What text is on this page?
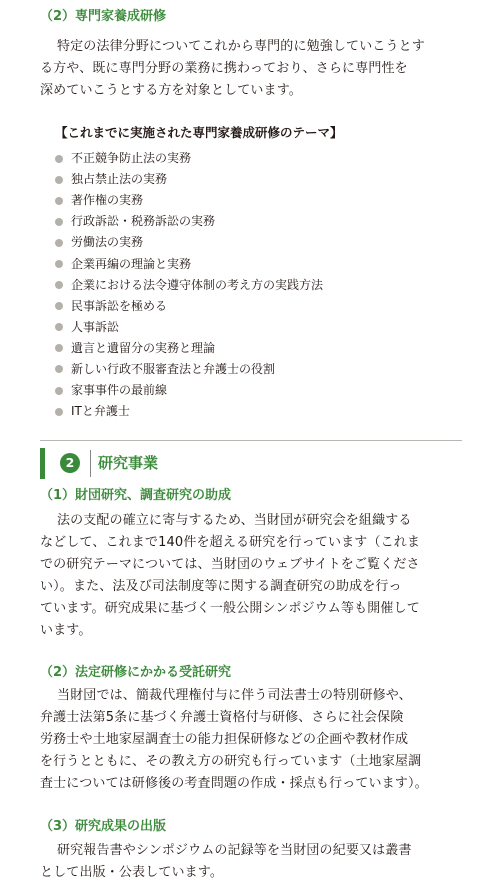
（2）専門家養成研修
特定の法律分野についてこれから専門的に勉強していこうとす
る方や、既に専門分野の業務に携わっており、さらに専門性を
深めていこうとする方を対象としています。
【これまでに実施された専門家養成研修のテーマ】
不正競争防止法の実務
独占禁止法の実務
著作権の実務
行政訴訟・税務訴訟の実務
労働法の実務
企業再編の理論と実務
企業における法令遵守体制の考え方の実践方法
民事訴訟を極める
人事訴訟
遺言と遺留分の実務と理論
新しい行政不服審査法と弁護士の役割
家事事件の最前線
ITと弁護士
2	研究事業
（1）財団研究、調査研究の助成
法の支配の確立に寄与するため、当財団が研究会を組織する
などして、これまで140件を超える研究を行っています（これま
での研究テーマについては、当財団のウェブサイトをご覧くださ
い）。また、法及び司法制度等に関する調査研究の助成を行っ
ています。研究成果に基づく一般公開シンポジウム等も開催して
います。
（2）法定研修にかかる受託研究
当財団では、簡裁代理権付与に伴う司法書士の特別研修や、
弁護士法第5条に基づく弁護士資格付与研修、さらに社会保険
労務士や土地家屋調査士の能力担保研修などの企画や教材作成
を行うとともに、その教え方の研究も行っています（土地家屋調
査士については研修後の考査問題の作成・採点も行っています）。
（3）研究成果の出版
研究報告書やシンポジウムの記録等を当財団の紀要又は叢書
として出版・公表しています。
